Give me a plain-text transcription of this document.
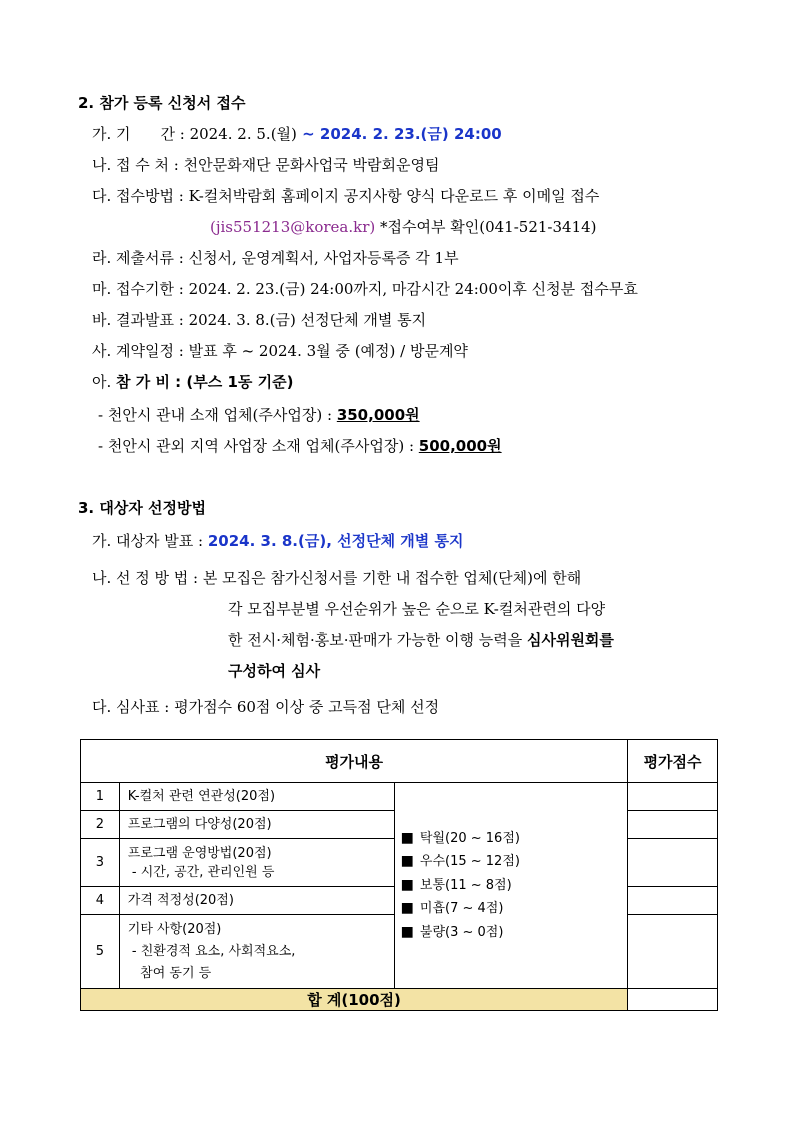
2. 참가 등록 신청서 접수
가. 기　　간 : 2024. 2. 5.(월) ~ 2024. 2. 23.(금) 24:00
나. 접 수 처 : 천안문화재단 문화사업국 박람회운영팀
다. 접수방법 : K-컬처박람회 홈페이지 공지사항 양식 다운로드 후 이메일 접수
(jis551213@korea.kr) *접수여부 확인(041-521-3414)
라. 제출서류 : 신청서, 운영계획서, 사업자등록증 각 1부
마. 접수기한 : 2024. 2. 23.(금) 24:00까지, 마감시간 24:00이후 신청분 접수무효
바. 결과발표 : 2024. 3. 8.(금) 선정단체 개별 통지
사. 계약일정 : 발표 후 ~ 2024. 3월 중 (예정) / 방문계약
아. 참 가 비 : (부스 1동 기준)
- 천안시 관내 소재 업체(주사업장) : 350,000원
- 천안시 관외 지역 사업장 소재 업체(주사업장) : 500,000원
3. 대상자 선정방법
가. 대상자 발표 : 2024. 3. 8.(금), 선정단체 개별 통지
나. 선 정 방 법 : 본 모집은 참가신청서를 기한 내 접수한 업체(단체)에 한해
각 모집부분별 우선순위가 높은 순으로 K-컬처관련의 다양
한 전시·체험·홍보·판매가 가능한 이행 능력을 심사위원회를
구성하여 심사
다. 심사표 : 평가점수 60점 이상 중 고득점 단체 선정
평가내용			평가점수
1	K-컬처 관련 연관성(20점)	■ 탁월(20 ~ 16점)
■ 우수(15 ~ 12점)
■ 보통(11 ~ 8점)
■ 미흡(7 ~ 4점)
■ 불량(3 ~ 0점)	

2	프로그램의 다양성(20점)		
3	프로그램 운영방법(20점)
- 시간, 공간, 관리인원 등		

4	가격 적정성(20점)		
5	기타 사항(20점)
- 친환경적 요소, 사회적요소,
참여 동기 등		

합 계(100점)			
